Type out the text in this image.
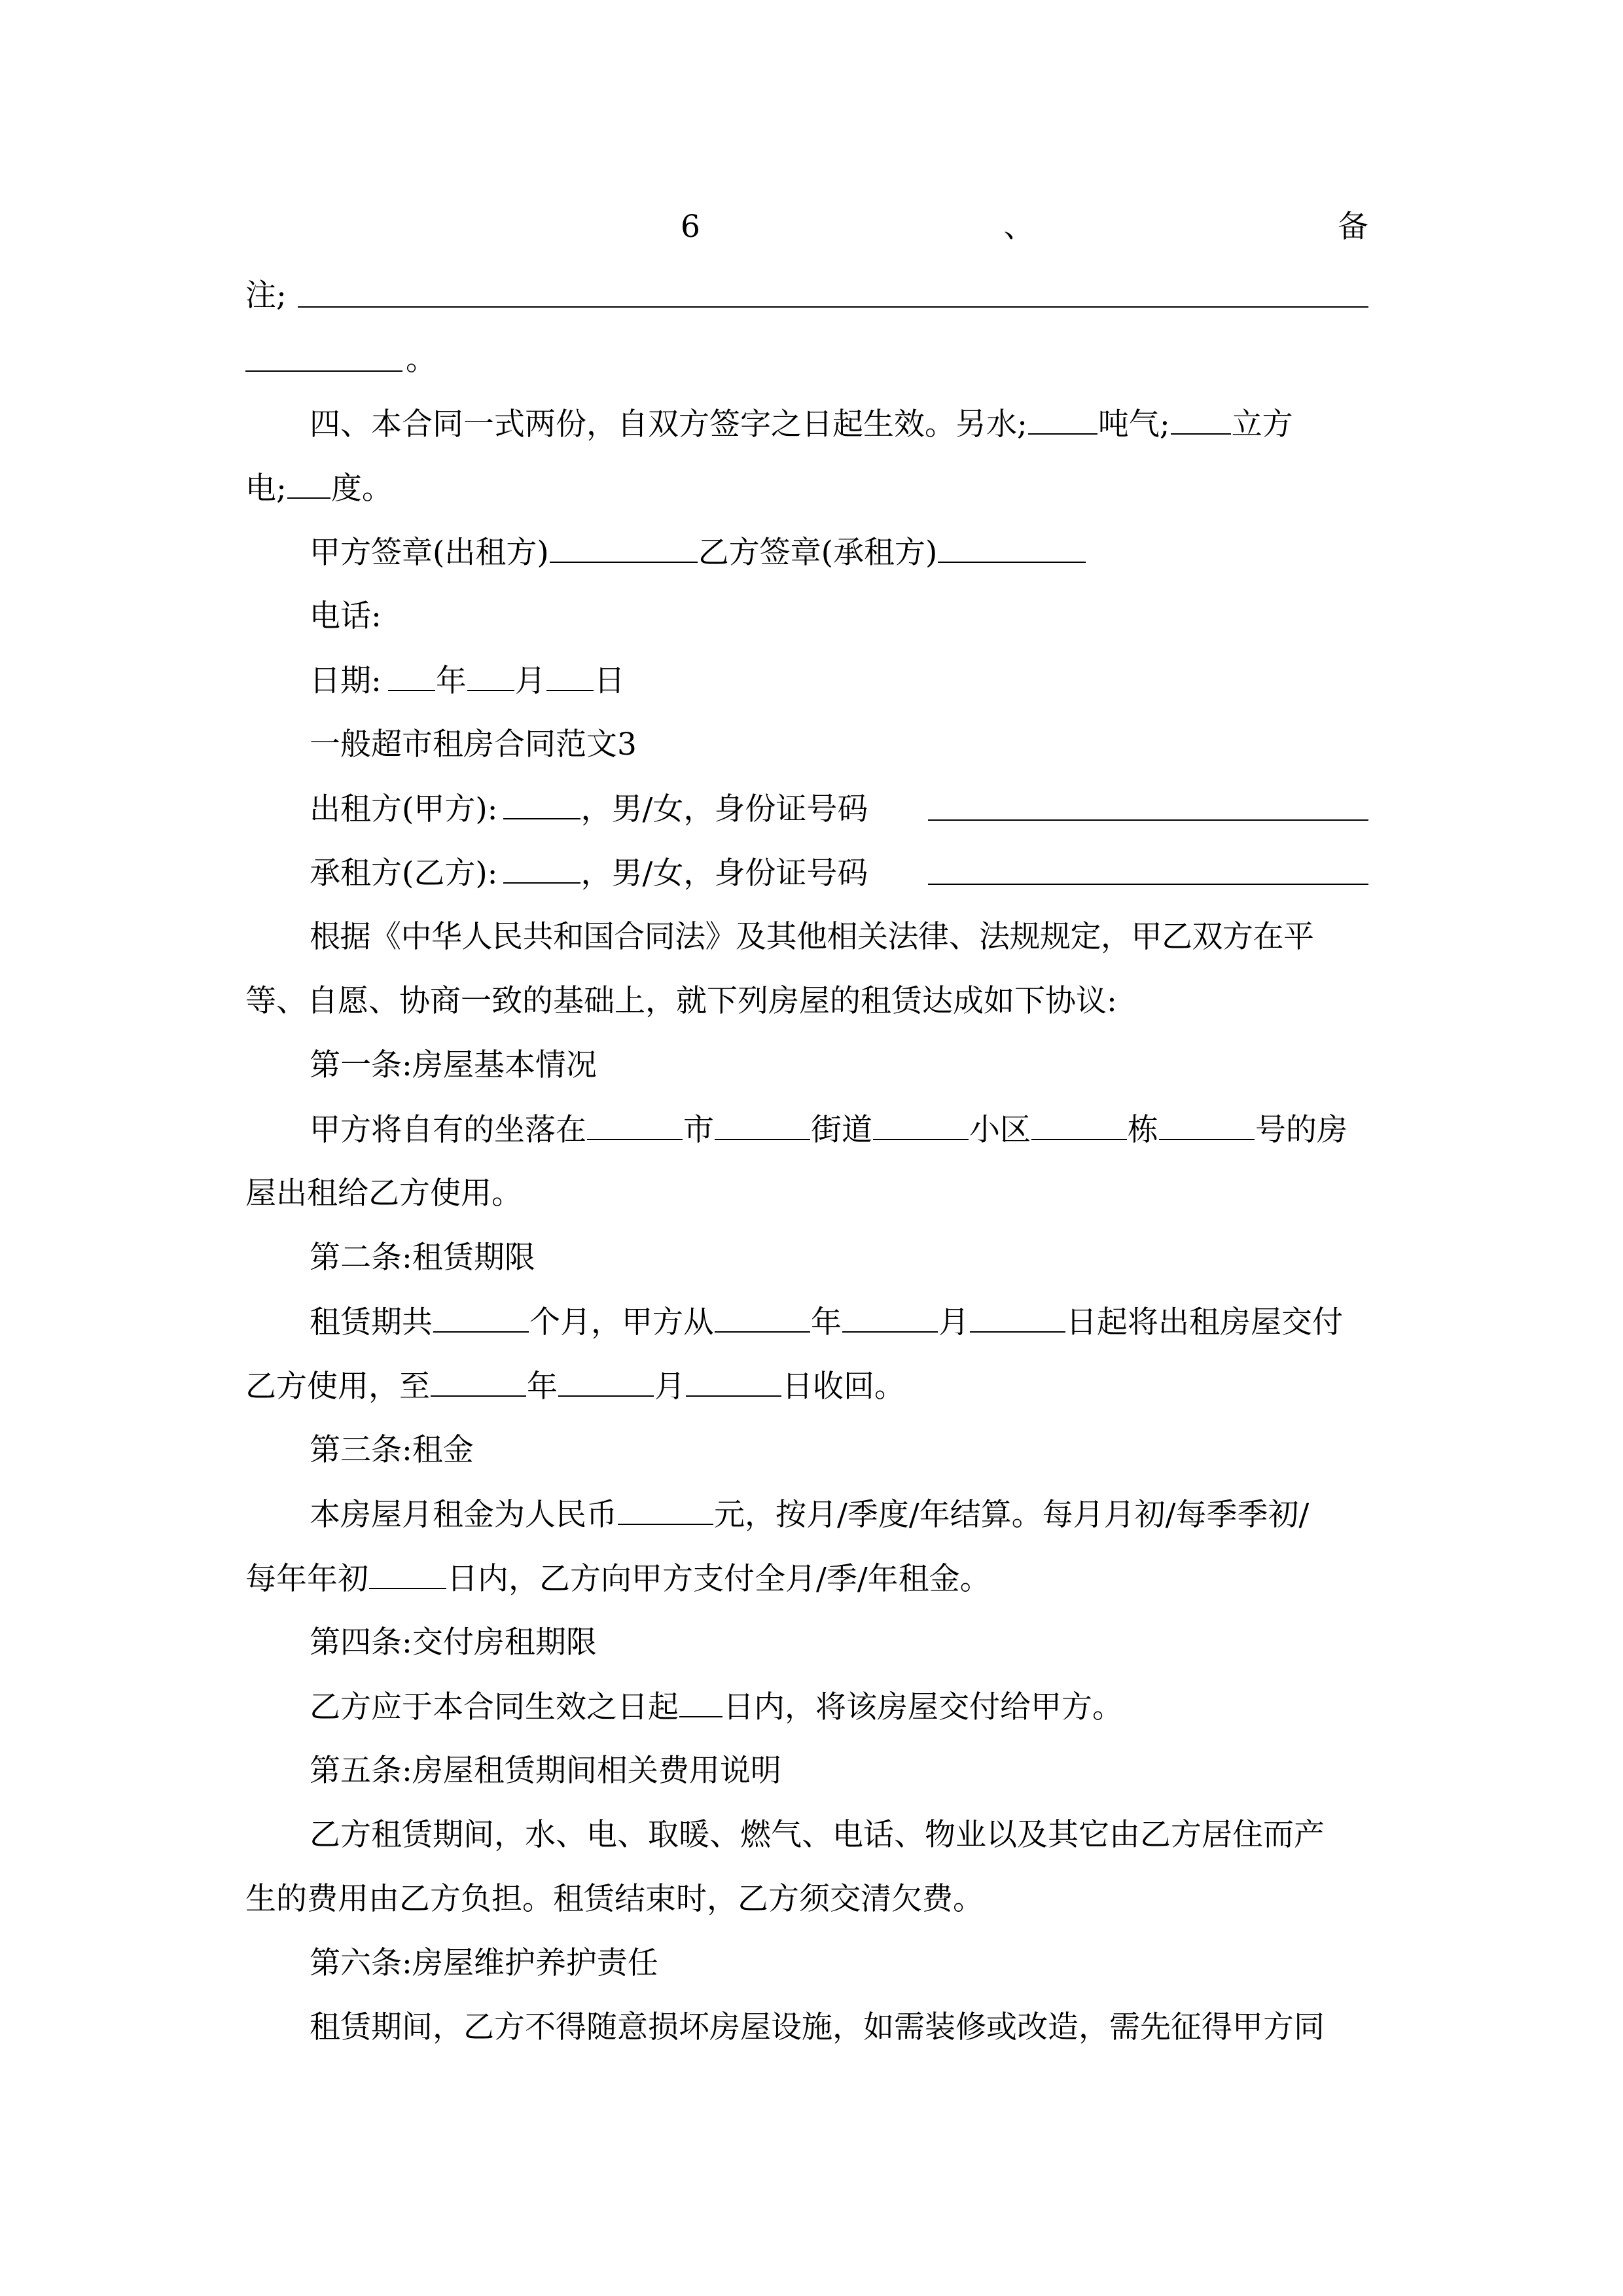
6	、	备
注;
。
四、本合同一式两份，自双方签字之日起生效。另水; 吨气; 立方
电; 度。
甲方签章(出租方)	乙方签章(承租方)
电话:
日期: 年 月 日
一般超市租房合同范文3
出租方(甲方):	，男/女，身份证号码
承租方(乙方):	，男/女，身份证号码
根据《中华人民共和国合同法》及其他相关法律、法规规定，甲乙双方在平
等、自愿、协商一致的基础上，就下列房屋的租赁达成如下协议:
第一条:房屋基本情况
甲方将自有的坐落在	市	街道	小区	栋	号的房
屋出租给乙方使用。
第二条:租赁期限
租赁期共	个月，甲方从	年	月	日起将出租房屋交付
乙方使用，至	年	月	日收回。
第三条:租金
本房屋月租金为人民币	元，按月/季度/年结算。每月月初/每季季初/
每年年初	日内，乙方向甲方支付全月/季/年租金。
第四条:交付房租期限
乙方应于本合同生效之日起 日内，将该房屋交付给甲方。
第五条:房屋租赁期间相关费用说明
乙方租赁期间，水、电、取暖、燃气、电话、物业以及其它由乙方居住而产
生的费用由乙方负担。租赁结束时，乙方须交清欠费。
第六条:房屋维护养护责任
租赁期间，乙方不得随意损坏房屋设施，如需装修或改造，需先征得甲方同
